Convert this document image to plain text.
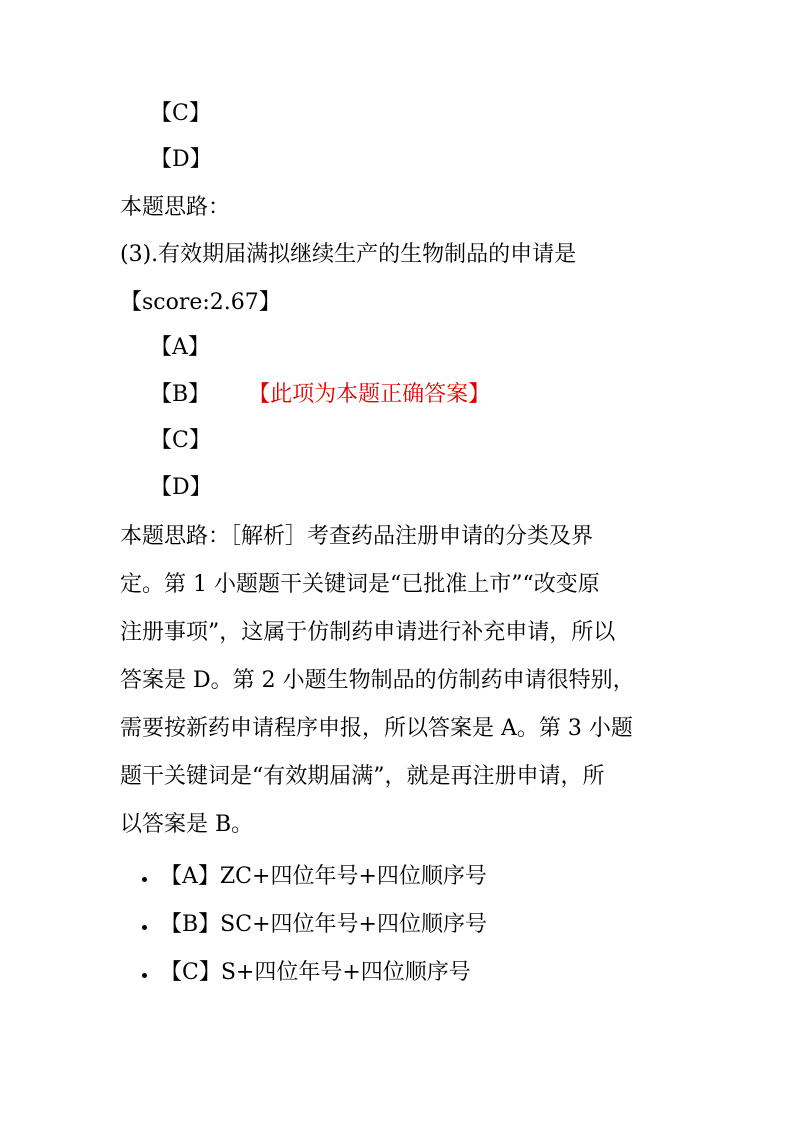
【C】
【D】
本题思路：
(3).有效期届满拟继续生产的生物制品的申请是
【score:2.67】
【A】
【B】 【此项为本题正确答案】
【C】
【D】
本题思路：［解析］考查药品注册申请的分类及界
定。第 1 小题题干关键词是“已批准上市”“改变原
注册事项”，这属于仿制药申请进行补充申请，所以
答案是 D。第 2 小题生物制品的仿制药申请很特别，
需要按新药申请程序申报，所以答案是 A。第 3 小题
题干关键词是“有效期届满”，就是再注册申请，所
以答案是 B。
【A】ZC+四位年号+四位顺序号
【B】SC+四位年号+四位顺序号
【C】S+四位年号+四位顺序号
